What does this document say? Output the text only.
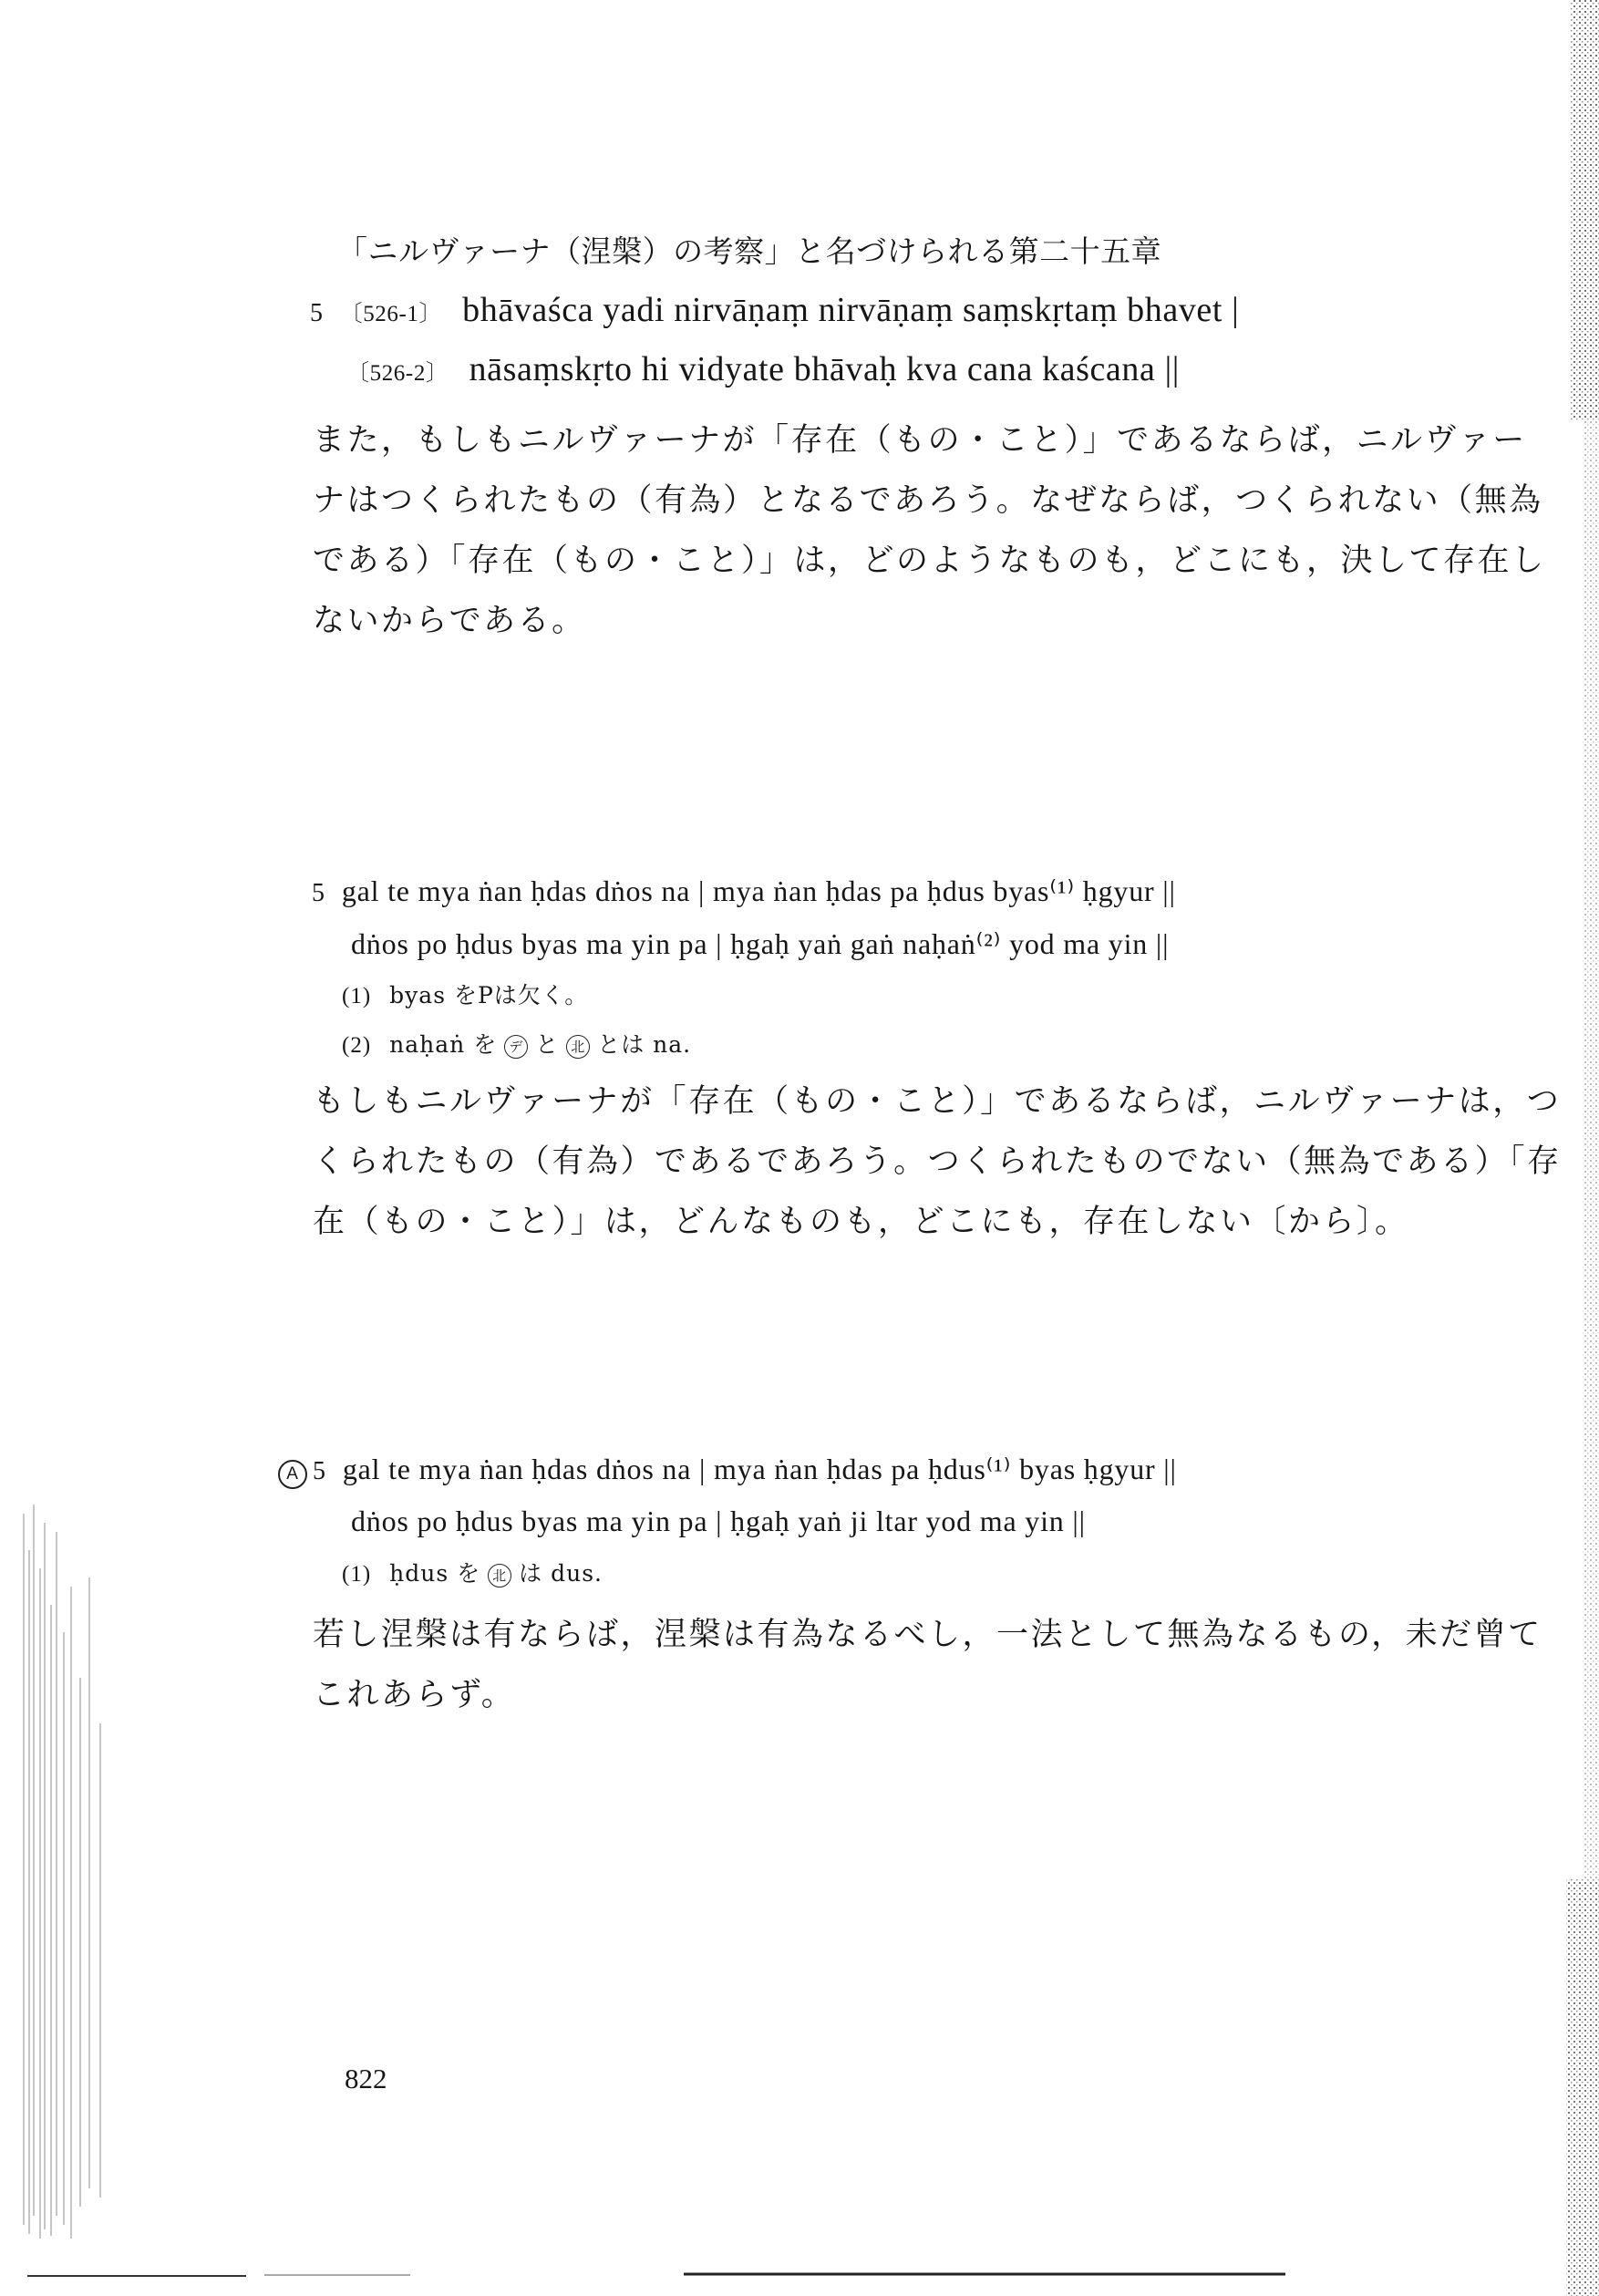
「ニルヴァーナ（涅槃）の考察」と名づけられる第二十五章
5 〔526-1〕 bhāvaśca yadi nirvāṇaṃ nirvāṇaṃ saṃskṛtaṃ bhavet |
〔526-2〕 nāsaṃskṛto hi vidyate bhāvaḥ kva cana kaścana ||
また，もしもニルヴァーナが「存在（もの・こと）」であるならば，ニルヴァー
ナはつくられたもの（有為）となるであろう。なぜならば，つくられない（無為
である）「存在（もの・こと）」は，どのようなものも，どこにも，決して存在し
ないからである。
5 gal te mya ṅan ḥdas dṅos na | mya ṅan ḥdas pa ḥdus byas⁽¹⁾ ḥgyur ||
dṅos po ḥdus byas ma yin pa | ḥgaḥ yaṅ gaṅ naḥaṅ⁽²⁾ yod ma yin ||
(1) byas をPは欠く。
(2) naḥaṅ を デ と 北 とは na.
もしもニルヴァーナが「存在（もの・こと）」であるならば，ニルヴァーナは，つ
くられたもの（有為）であるであろう。つくられたものでない（無為である）「存
在（もの・こと）」は，どんなものも，どこにも，存在しない〔から〕。
A 5 gal te mya ṅan ḥdas dṅos na | mya ṅan ḥdas pa ḥdus⁽¹⁾ byas ḥgyur ||
dṅos po ḥdus byas ma yin pa | ḥgaḥ yaṅ ji ltar yod ma yin ||
(1) ḥdus を 北 は dus.
若し涅槃は有ならば，涅槃は有為なるべし，一法として無為なるもの，未だ曾て
これあらず。
822
